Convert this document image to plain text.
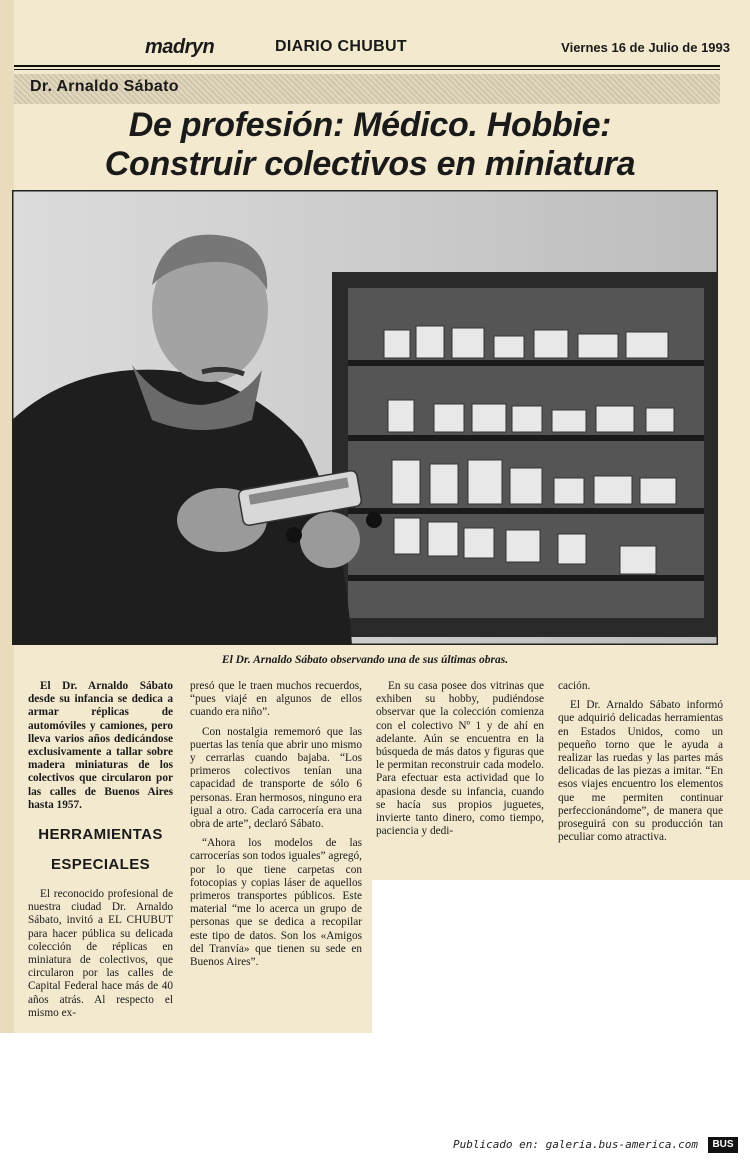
madryn	DIARIO CHUBUT	Viernes 16 de Julio de 1993
Dr. Arnaldo Sábato
De profesión: Médico. Hobbie:
Construir colectivos en miniatura
El Dr. Arnaldo Sábato observando una de sus últimas obras.

El Dr. Arnaldo Sábato desde su infancia se dedica a armar réplicas de automóviles y camiones, pero lleva varios años dedicándose exclusivamente a tallar sobre madera miniaturas de los colectivos que circularon por las calles de Buenos Aires hasta 1957.

HERRAMIENTAS
ESPECIALES

El reconocido profesional de nuestra ciudad Dr. Arnaldo Sábato, invitó a EL CHUBUT para hacer pública su delicada colección de réplicas en miniatura de colectivos, que circularon por las calles de Capital Federal hace más de 40 años atrás. Al respecto el mismo ex-

presó que le traen muchos recuerdos, “pues viajé en algunos de ellos cuando era niño”.

Con nostalgia rememoró que las puertas las tenía que abrir uno mismo y cerrarlas cuando bajaba. “Los primeros colectivos tenían una capacidad de transporte de sólo 6 personas. Eran hermosos, ninguno era igual a otro. Cada carrocería era una obra de arte”, declaró Sábato.

“Ahora los modelos de las carrocerías son todos iguales” agregó, por lo que tiene carpetas con fotocopias y copias láser de aquellos primeros transportes públicos. Este material “me lo acerca un grupo de personas que se dedica a recopilar este tipo de datos. Son los «Amigos del Tranvía» que tienen su sede en Buenos Aires”.

En su casa posee dos vitrinas que exhiben su hobby, pudiéndose observar que la colección comienza con el colectivo Nº 1 y de ahí en adelante. Aún se encuentra en la búsqueda de más datos y figuras que le permitan reconstruir cada modelo. Para efectuar esta actividad que lo apasiona desde su infancia, cuando se hacía sus propios juguetes, invierte tanto dinero, como tiempo, paciencia y dedi-

cación.

El Dr. Arnaldo Sábato informó que adquirió delicadas herramientas en Estados Unidos, como un pequeño torno que le ayuda a realizar las ruedas y las partes más delicadas de las piezas a imitar. “En esos viajes encuentro los elementos que me permiten continuar perfeccionándome”, de manera que proseguirá con su producción tan peculiar como atractiva.

Publicado en: galeria.bus-america.com	BUS
